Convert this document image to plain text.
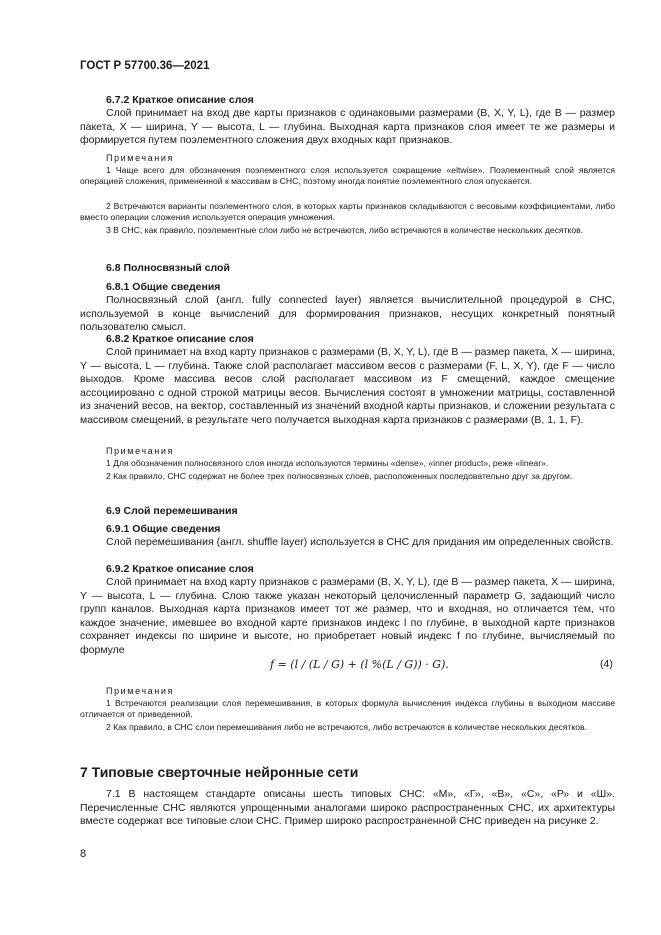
ГОСТ Р 57700.36—2021
6.7.2 Краткое описание слоя

Слой принимает на вход две карты признаков с одинаковыми размерами (B, X, Y, L), где B — размер пакета, X — ширина, Y — высота, L — глубина. Выходная карта признаков слоя имеет те же размеры и формируется путем поэлементного сложения двух входных карт признаков.

Примечания

1 Чаще всего для обозначения поэлементного слоя используется сокращение «eltwise». Поэлементный слой является операцией сложения, примененной к массивам в СНС, поэтому иногда понятие поэлементного слоя опускается.

2 Встречаются варианты поэлементного слоя, в которых карты признаков складываются с весовыми коэффициентами, либо вместо операции сложения используется операция умножения.

3 В СНС, как правило, поэлементные слои либо не встречаются, либо встречаются в количестве нескольких десятков.

6.8 Полносвязный слой
6.8.1 Общие сведения

Полносвязный слой (англ. fully connected layer) является вычислительной процедурой в СНС, используемой в конце вычислений для формирования признаков, несущих конкретный понятный пользователю смысл.

6.8.2 Краткое описание слоя

Слой принимает на вход карту признаков с размерами (B, X, Y, L), где B — размер пакета, X — ширина, Y — высота, L — глубина. Также слой располагает массивом весов с размерами (F, L, X, Y), где F — число выходов. Кроме массива весов слой располагает массивом из F смещений, каждое смещение ассоциировано с одной строкой матрицы весов. Вычисления состоят в умножении матрицы, составленной из значений весов, на вектор, составленный из значений входной карты признаков, и сложении результата с массивом смещений, в результате чего получается выходная карта признаков с размерами (B, 1, 1, F).

Примечания

1 Для обозначения полносвязного слоя иногда используются термины «dense», «inner product», реже «linear».

2 Как правило, СНС содержат не более трех полносвязных слоев, расположенных последовательно друг за другом.

6.9 Слой перемешивания
6.9.1 Общие сведения

Слой перемешивания (англ. shuffle layer) используется в СНС для придания им определенных свойств.

6.9.2 Краткое описание слоя

Слой принимает на вход карту признаков с размерами (B, X, Y, L), где B — размер пакета, X — ширина, Y — высота, L — глубина. Слою также указан некоторый целочисленный параметр G, задающий число групп каналов. Выходная карта признаков имеет тот же размер, что и входная, но отличается тем, что каждое значение, имевшее во входной карте признаков индекс l по глубине, в выходной карте признаков сохраняет индексы по ширине и высоте, но приобретает новый индекс f по глубине, вычисляемый по формуле

f = (l / (L / G) + (l %(L / G)) · G).	(4)
Примечания

1 Встречаются реализации слоя перемешивания, в которых формула вычисления индекса глубины в выходном массиве отличается от приведенной.

2 Как правило, в СНС слои перемешивания либо не встречаются, либо встречаются в количестве нескольких десятков.

7 Типовые сверточные нейронные сети

7.1 В настоящем стандарте описаны шесть типовых СНС: «М», «Г», «В», «С», «Р» и «Ш». Перечисленные СНС являются упрощенными аналогами широко распространенных СНС, их архитектуры вместе содержат все типовые слои СНС. Пример широко распространенной СНС приведен на рисунке 2.

8
